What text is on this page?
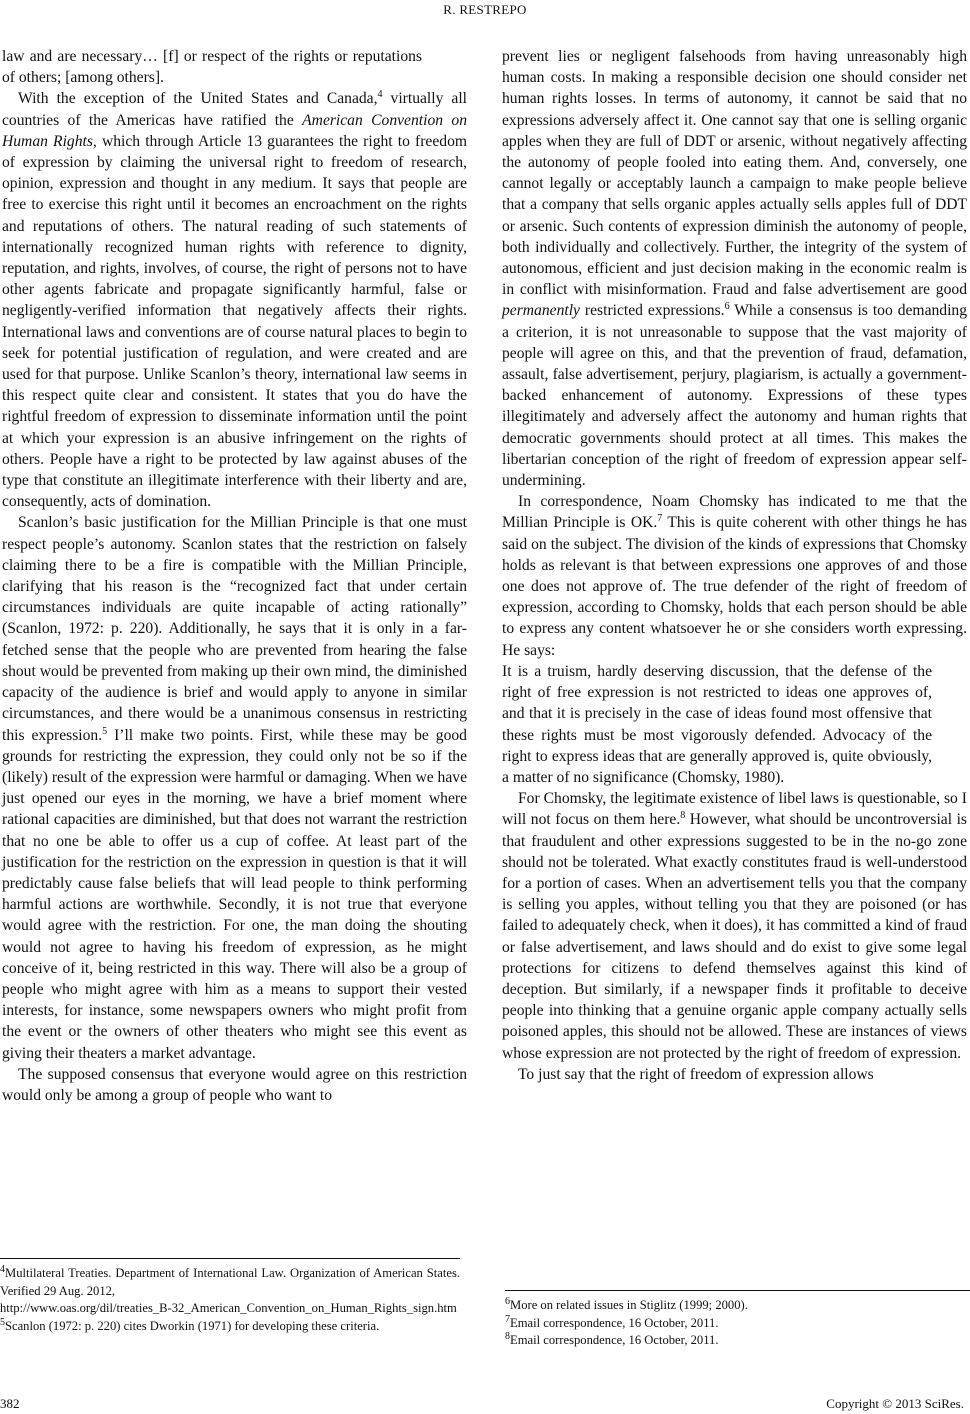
R. RESTREPO

law and are necessary… [f] or respect of the rights or reputations of others; [among others].

With the exception of the United States and Canada,$^4$ virtually all countries of the Americas have ratified the American Convention on Human Rights, which through Article 13 guarantees the right to freedom of expression by claiming the universal right to freedom of research, opinion, expression and thought in any medium. It says that people are free to exercise this right until it becomes an encroachment on the rights and reputations of others. The natural reading of such statements of internationally recognized human rights with reference to dignity, reputation, and rights, involves, of course, the right of persons not to have other agents fabricate and propagate significantly harmful, false or negligently-verified information that negatively affects their rights. International laws and conventions are of course natural places to begin to seek for potential justification of regulation, and were created and are used for that purpose. Unlike Scanlon’s theory, international law seems in this respect quite clear and consistent. It states that you do have the rightful freedom of expression to disseminate information until the point at which your expression is an abusive infringement on the rights of others. People have a right to be protected by law against abuses of the type that constitute an illegitimate interference with their liberty and are, consequently, acts of domination.

Scanlon’s basic justification for the Millian Principle is that one must respect people’s autonomy. Scanlon states that the restriction on falsely claiming there to be a fire is compatible with the Millian Principle, clarifying that his reason is the “recognized fact that under certain circumstances individuals are quite incapable of acting rationally” (Scanlon, 1972: p. 220). Additionally, he says that it is only in a far-fetched sense that the people who are prevented from hearing the false shout would be prevented from making up their own mind, the diminished capacity of the audience is brief and would apply to anyone in similar circumstances, and there would be a unanimous consensus in restricting this expression.$^5$ I’ll make two points. First, while these may be good grounds for restricting the expression, they could only not be so if the (likely) result of the expression were harmful or damaging. When we have just opened our eyes in the morning, we have a brief moment where rational capacities are diminished, but that does not warrant the restriction that no one be able to offer us a cup of coffee. At least part of the justification for the restriction on the expression in question is that it will predictably cause false beliefs that will lead people to think performing harmful actions are worthwhile. Secondly, it is not true that everyone would agree with the restriction. For one, the man doing the shouting would not agree to having his freedom of expression, as he might conceive of it, being restricted in this way. There will also be a group of people who might agree with him as a means to support their vested interests, for instance, some newspapers owners who might profit from the event or the owners of other theaters who might see this event as giving their theaters a market advantage.

The supposed consensus that everyone would agree on this restriction would only be among a group of people who want to

prevent lies or negligent falsehoods from having unreasonably high human costs. In making a responsible decision one should consider net human rights losses. In terms of autonomy, it cannot be said that no expressions adversely affect it. One cannot say that one is selling organic apples when they are full of DDT or arsenic, without negatively affecting the autonomy of people fooled into eating them. And, conversely, one cannot legally or acceptably launch a campaign to make people believe that a company that sells organic apples actually sells apples full of DDT or arsenic. Such contents of expression diminish the autonomy of people, both individually and collectively. Further, the integrity of the system of autonomous, efficient and just decision making in the economic realm is in conflict with misinformation. Fraud and false advertisement are good permanently restricted expressions.$^6$ While a consensus is too demanding a criterion, it is not unreasonable to suppose that the vast majority of people will agree on this, and that the prevention of fraud, defamation, assault, false advertisement, perjury, plagiarism, is actually a government-backed enhancement of autonomy. Expressions of these types illegitimately and adversely affect the autonomy and human rights that democratic governments should protect at all times. This makes the libertarian conception of the right of freedom of expression appear self-undermining.

In correspondence, Noam Chomsky has indicated to me that the Millian Principle is OK.$^7$ This is quite coherent with other things he has said on the subject. The division of the kinds of expressions that Chomsky holds as relevant is that between expressions one approves of and those one does not approve of. The true defender of the right of freedom of expression, according to Chomsky, holds that each person should be able to express any content whatsoever he or she considers worth expressing. He says:

It is a truism, hardly deserving discussion, that the defense of the right of free expression is not restricted to ideas one approves of, and that it is precisely in the case of ideas found most offensive that these rights must be most vigorously defended. Advocacy of the right to express ideas that are generally approved is, quite obviously, a matter of no significance (Chomsky, 1980).

For Chomsky, the legitimate existence of libel laws is questionable, so I will not focus on them here.$^8$ However, what should be uncontroversial is that fraudulent and other expressions suggested to be in the no-go zone should not be tolerated. What exactly constitutes fraud is well-understood for a portion of cases. When an advertisement tells you that the company is selling you apples, without telling you that they are poisoned (or has failed to adequately check, when it does), it has committed a kind of fraud or false advertisement, and laws should and do exist to give some legal protections for citizens to defend themselves against this kind of deception. But similarly, if a newspaper finds it profitable to deceive people into thinking that a genuine organic apple company actually sells poisoned apples, this should not be allowed. These are instances of views whose expression are not protected by the right of freedom of expression.

To just say that the right of freedom of expression allows

$^4$Multilateral Treaties. Department of International Law. Organization of American States. Verified 29 Aug. 2012,
http://www.oas.org/dil/treaties_B-32_American_Convention_on_Human_Rights_sign.htm
$^5$Scanlon (1972: p. 220) cites Dworkin (1971) for developing these criteria.
$^6$More on related issues in Stiglitz (1999; 2000).
$^7$Email correspondence, 16 October, 2011.
$^8$Email correspondence, 16 October, 2011.
382	Copyright © 2013 SciRes.
